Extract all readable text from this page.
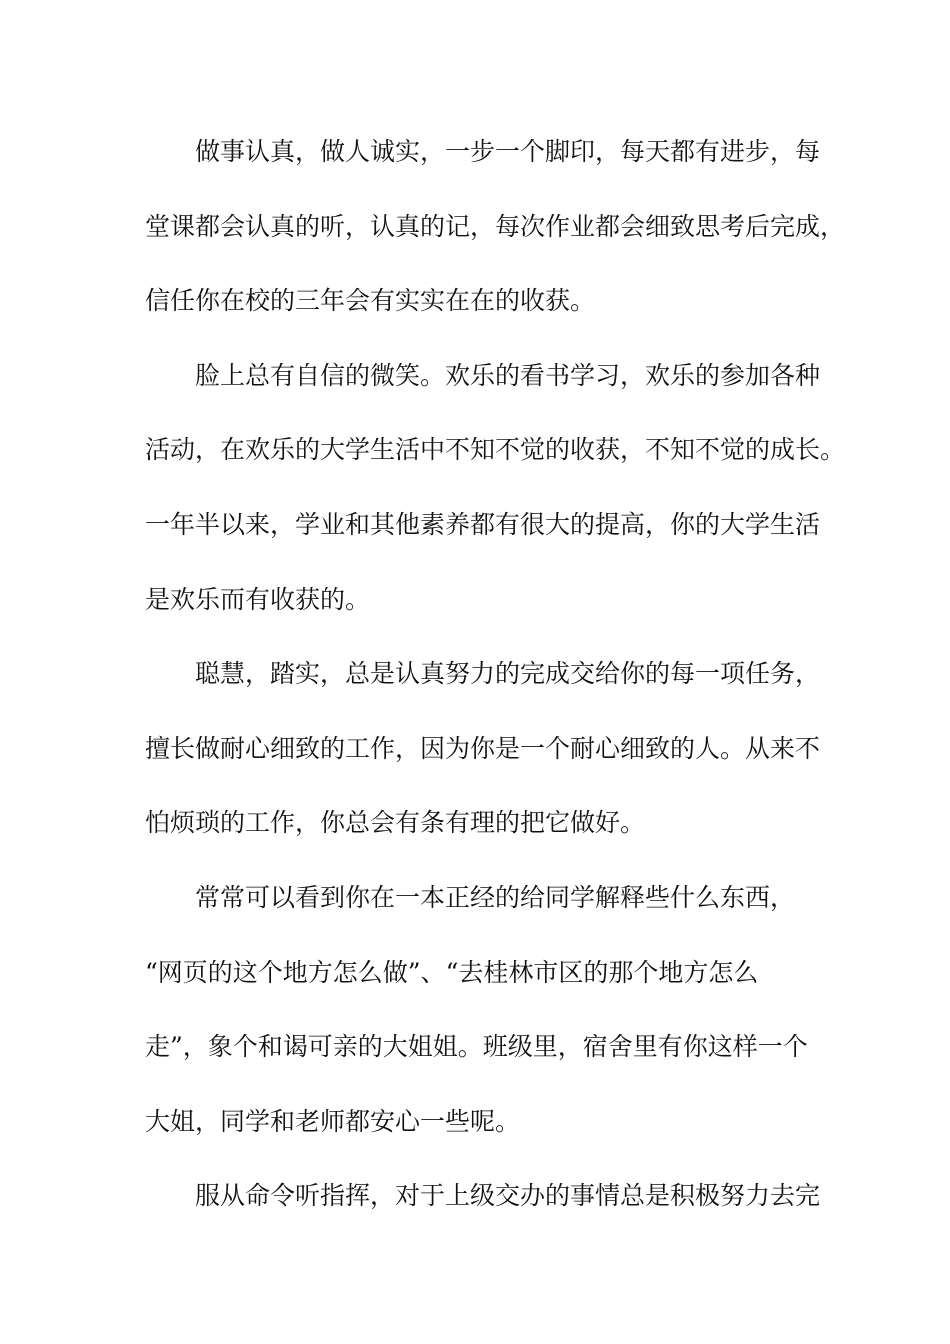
做事认真，做人诚实，一步一个脚印，每天都有进步，每
堂课都会认真的听，认真的记，每次作业都会细致思考后完成，
信任你在校的三年会有实实在在的收获。
脸上总有自信的微笑。欢乐的看书学习，欢乐的参加各种
活动，在欢乐的大学生活中不知不觉的收获，不知不觉的成长。
一年半以来，学业和其他素养都有很大的提高，你的大学生活
是欢乐而有收获的。
聪慧，踏实，总是认真努力的完成交给你的每一项任务，
擅长做耐心细致的工作，因为你是一个耐心细致的人。从来不
怕烦琐的工作，你总会有条有理的把它做好。
常常可以看到你在一本正经的给同学解释些什么东西，
“网页的这个地方怎么做”、“去桂林市区的那个地方怎么
走”，象个和谒可亲的大姐姐。班级里，宿舍里有你这样一个
大姐，同学和老师都安心一些呢。
服从命令听指挥，对于上级交办的事情总是积极努力去完
